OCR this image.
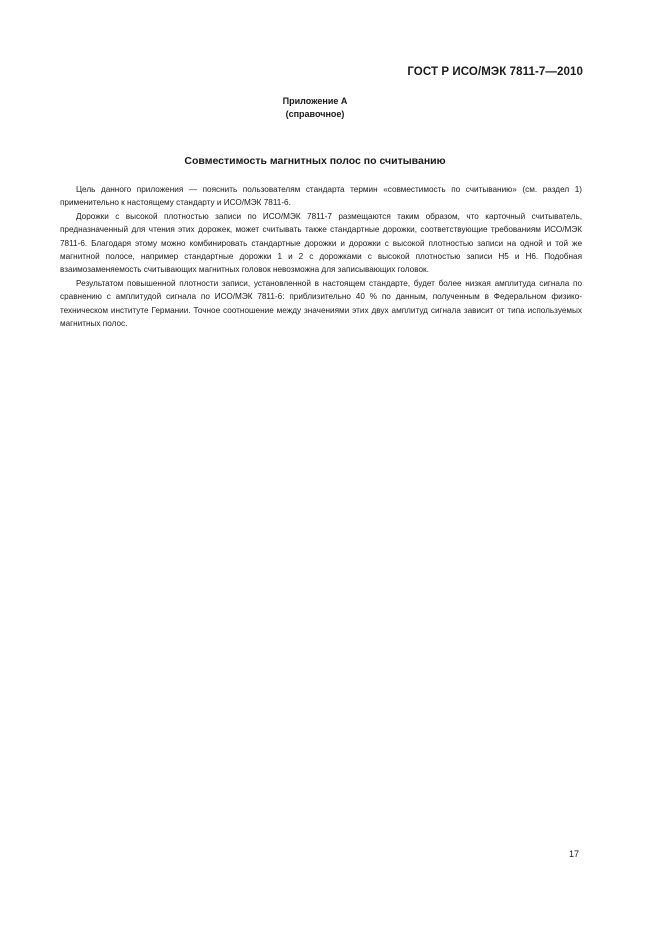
ГОСТ Р ИСО/МЭК 7811-7—2010
Приложение А
(справочное)
Совместимость магнитных полос по считыванию

Цель данного приложения — пояснить пользователям стандарта термин «совместимость по считыванию» (см. раздел 1) применительно к настоящему стандарту и ИСО/МЭК 7811-6.

Дорожки с высокой плотностью записи по ИСО/МЭК 7811-7 размещаются таким образом, что карточный считыватель, предназначенный для чтения этих дорожек, может считывать также стандартные дорожки, соответствующие требованиям ИСО/МЭК 7811-6. Благодаря этому можно комбинировать стандартные дорожки и дорожки с высокой плотностью записи на одной и той же магнитной полосе, например стандартные дорожки 1 и 2 с дорожками с высокой плотностью записи Н5 и Н6. Подобная взаимозаменяемость считывающих магнитных головок невозможна для записывающих головок.

Результатом повышенной плотности записи, установленной в настоящем стандарте, будет более низкая амплитуда сигнала по сравнению с амплитудой сигнала по ИСО/МЭК 7811-6: приблизительно 40 % по данным, полученным в Федеральном физико-техническом институте Германии. Точное соотношение между значениями этих двух амплитуд сигнала зависит от типа используемых магнитных полос.

17
